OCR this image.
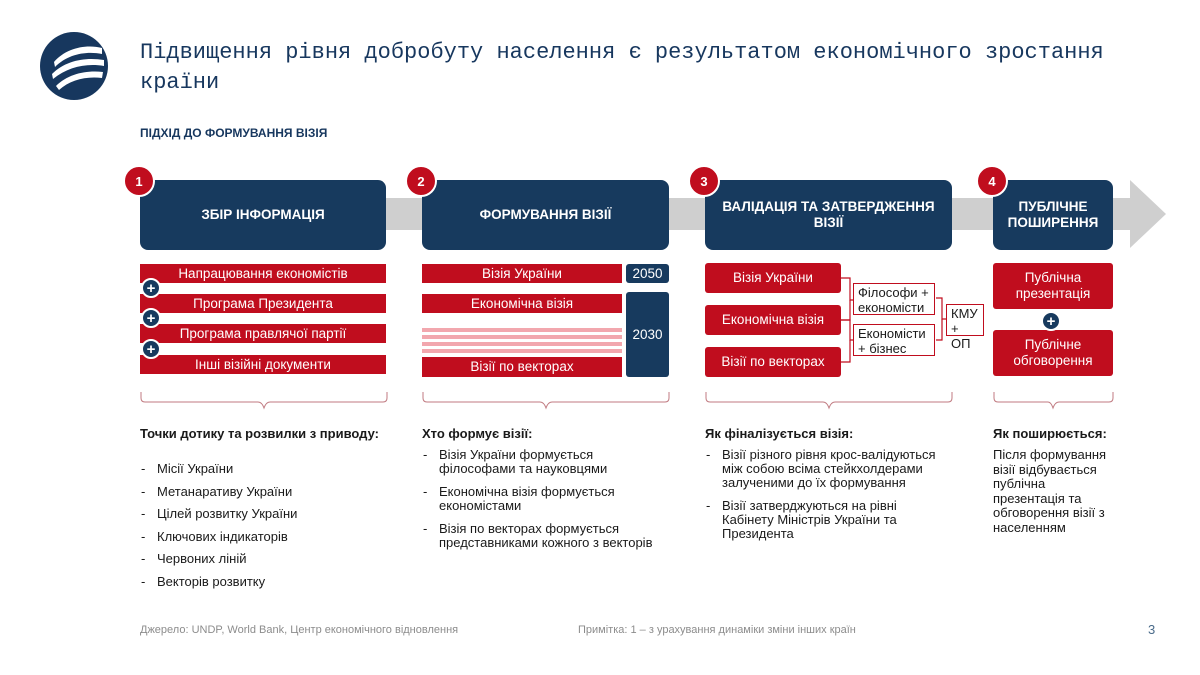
Підвищення рівня добробуту населення є результатом економічного зростання країни
ПІДХІД ДО ФОРМУВАННЯ ВІЗІЯ
ЗБІР ІНФОРМАЦІЯ	ФОРМУВАННЯ ВІЗІЇ
ВАЛІДАЦІЯ ТА ЗАТВЕРДЖЕННЯ ВІЗІЇ
ПУБЛІЧНЕ ПОШИРЕННЯ
1	2	3	4
Напрацювання економістів
Програма Президента
Програма правлячої партії
Інші візійні документи
+
+
+
Візія України
Економічна візія
Візії по векторах
2050
2030
Візія України
Економічна візія
Візії по векторах
Філософи + економісти
Економісти + бізнес
КМУ + ОП
Публічна презентація
Публічне обговорення
+
Точки дотику та розвилки з приводу:
- Місії України
- Метанаративу України
- Цілей розвитку України
- Ключових індикаторів
- Червоних ліній
- Векторів розвитку
Хто формує візії:
- Візія України формується філософами та науковцями
- Економічна візія формується економістами
- Візія по векторах формується представниками кожного з векторів
Як фіналізується візія:
- Візії різного рівня крос-валідуються між собою всіма стейкхолдерами залученими до їх формування
- Візії затверджуються на рівні Кабінету Міністрів України та Президента
Як поширюється:
Після формування візії відбувається публічна презентація та обговорення візії з населенням
Джерело: UNDP, World Bank, Центр економічного відновлення	Примітка: 1 – з урахування динаміки зміни інших країн	3
